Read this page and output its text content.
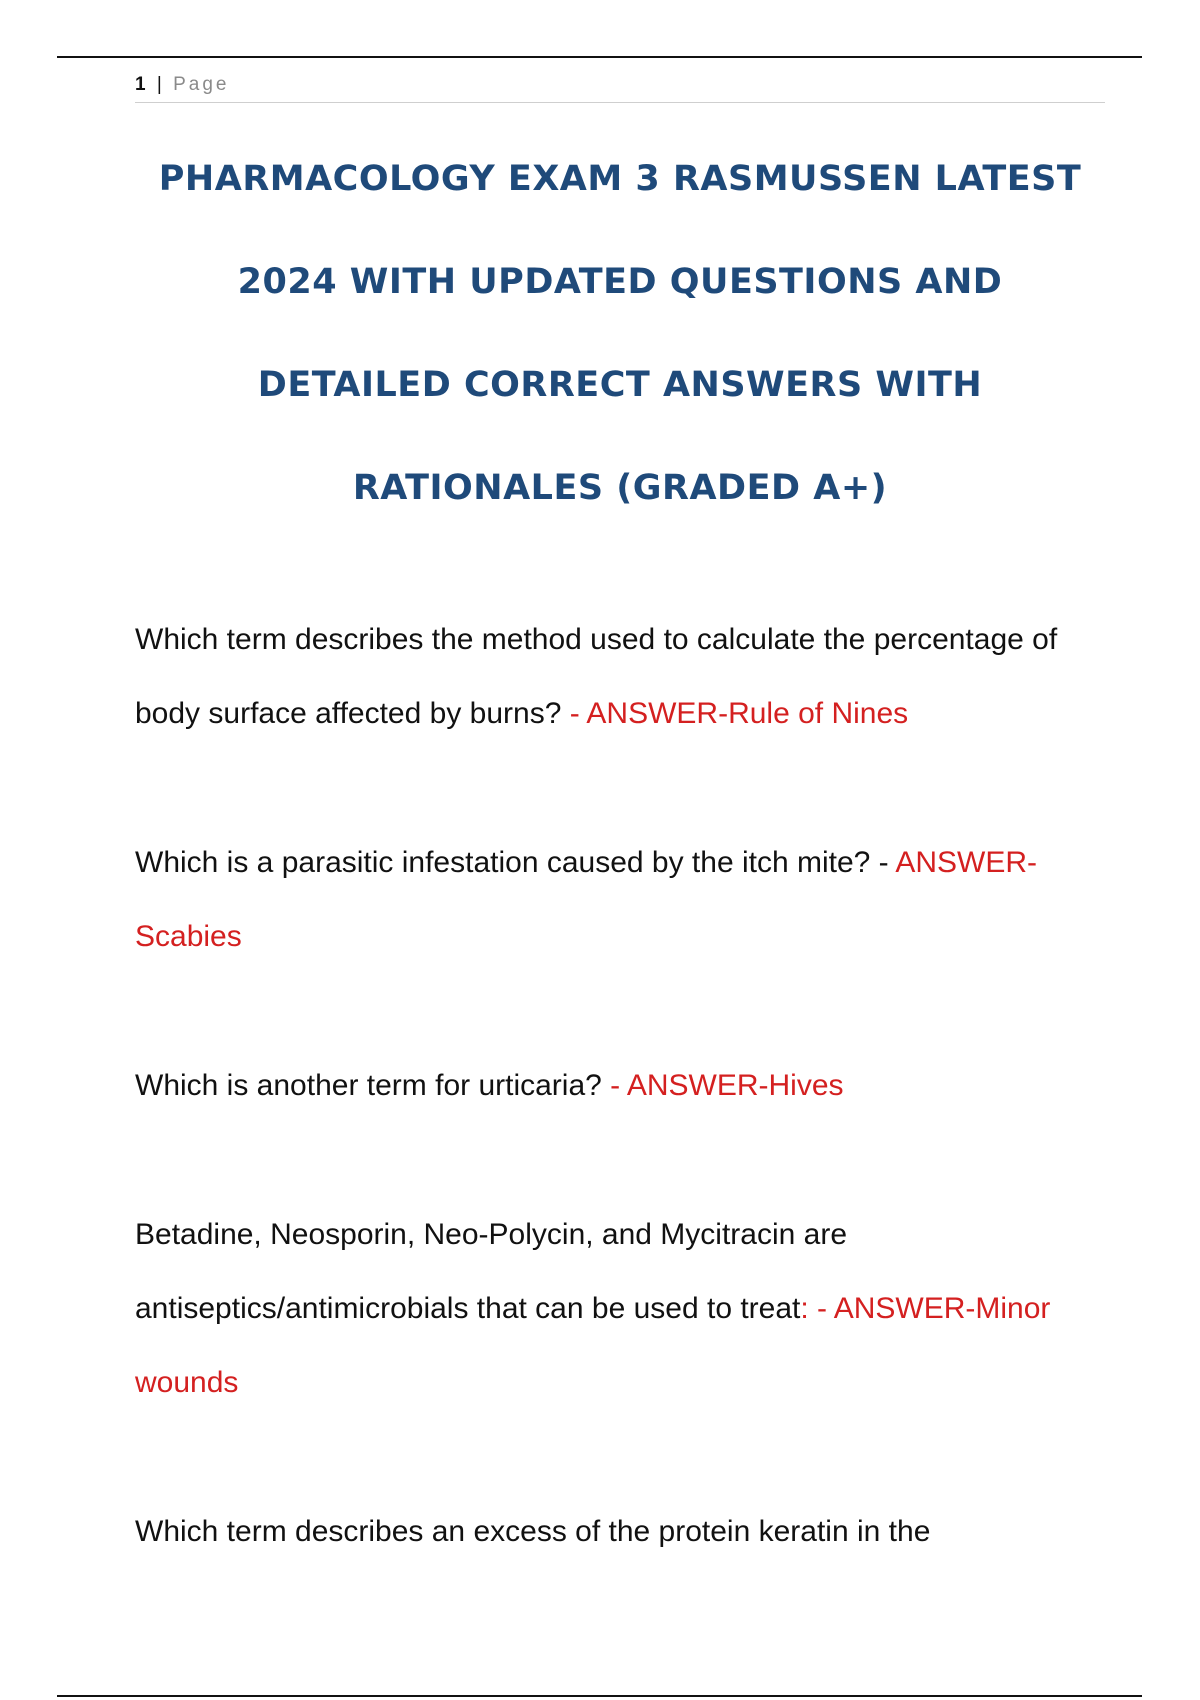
1 | Page
PHARMACOLOGY EXAM 3 RASMUSSEN LATEST
2024 WITH UPDATED QUESTIONS AND
DETAILED CORRECT ANSWERS WITH
RATIONALES (GRADED A+)

Which term describes the method used to calculate the percentage of body surface affected by burns? - ANSWER-Rule of Nines

Which is a parasitic infestation caused by the itch mite? - ANSWER-Scabies

Which is another term for urticaria? - ANSWER-Hives

Betadine, Neosporin, Neo-Polycin, and Mycitracin are antiseptics/antimicrobials that can be used to treat: - ANSWER-Minor wounds

Which term describes an excess of the protein keratin in the
